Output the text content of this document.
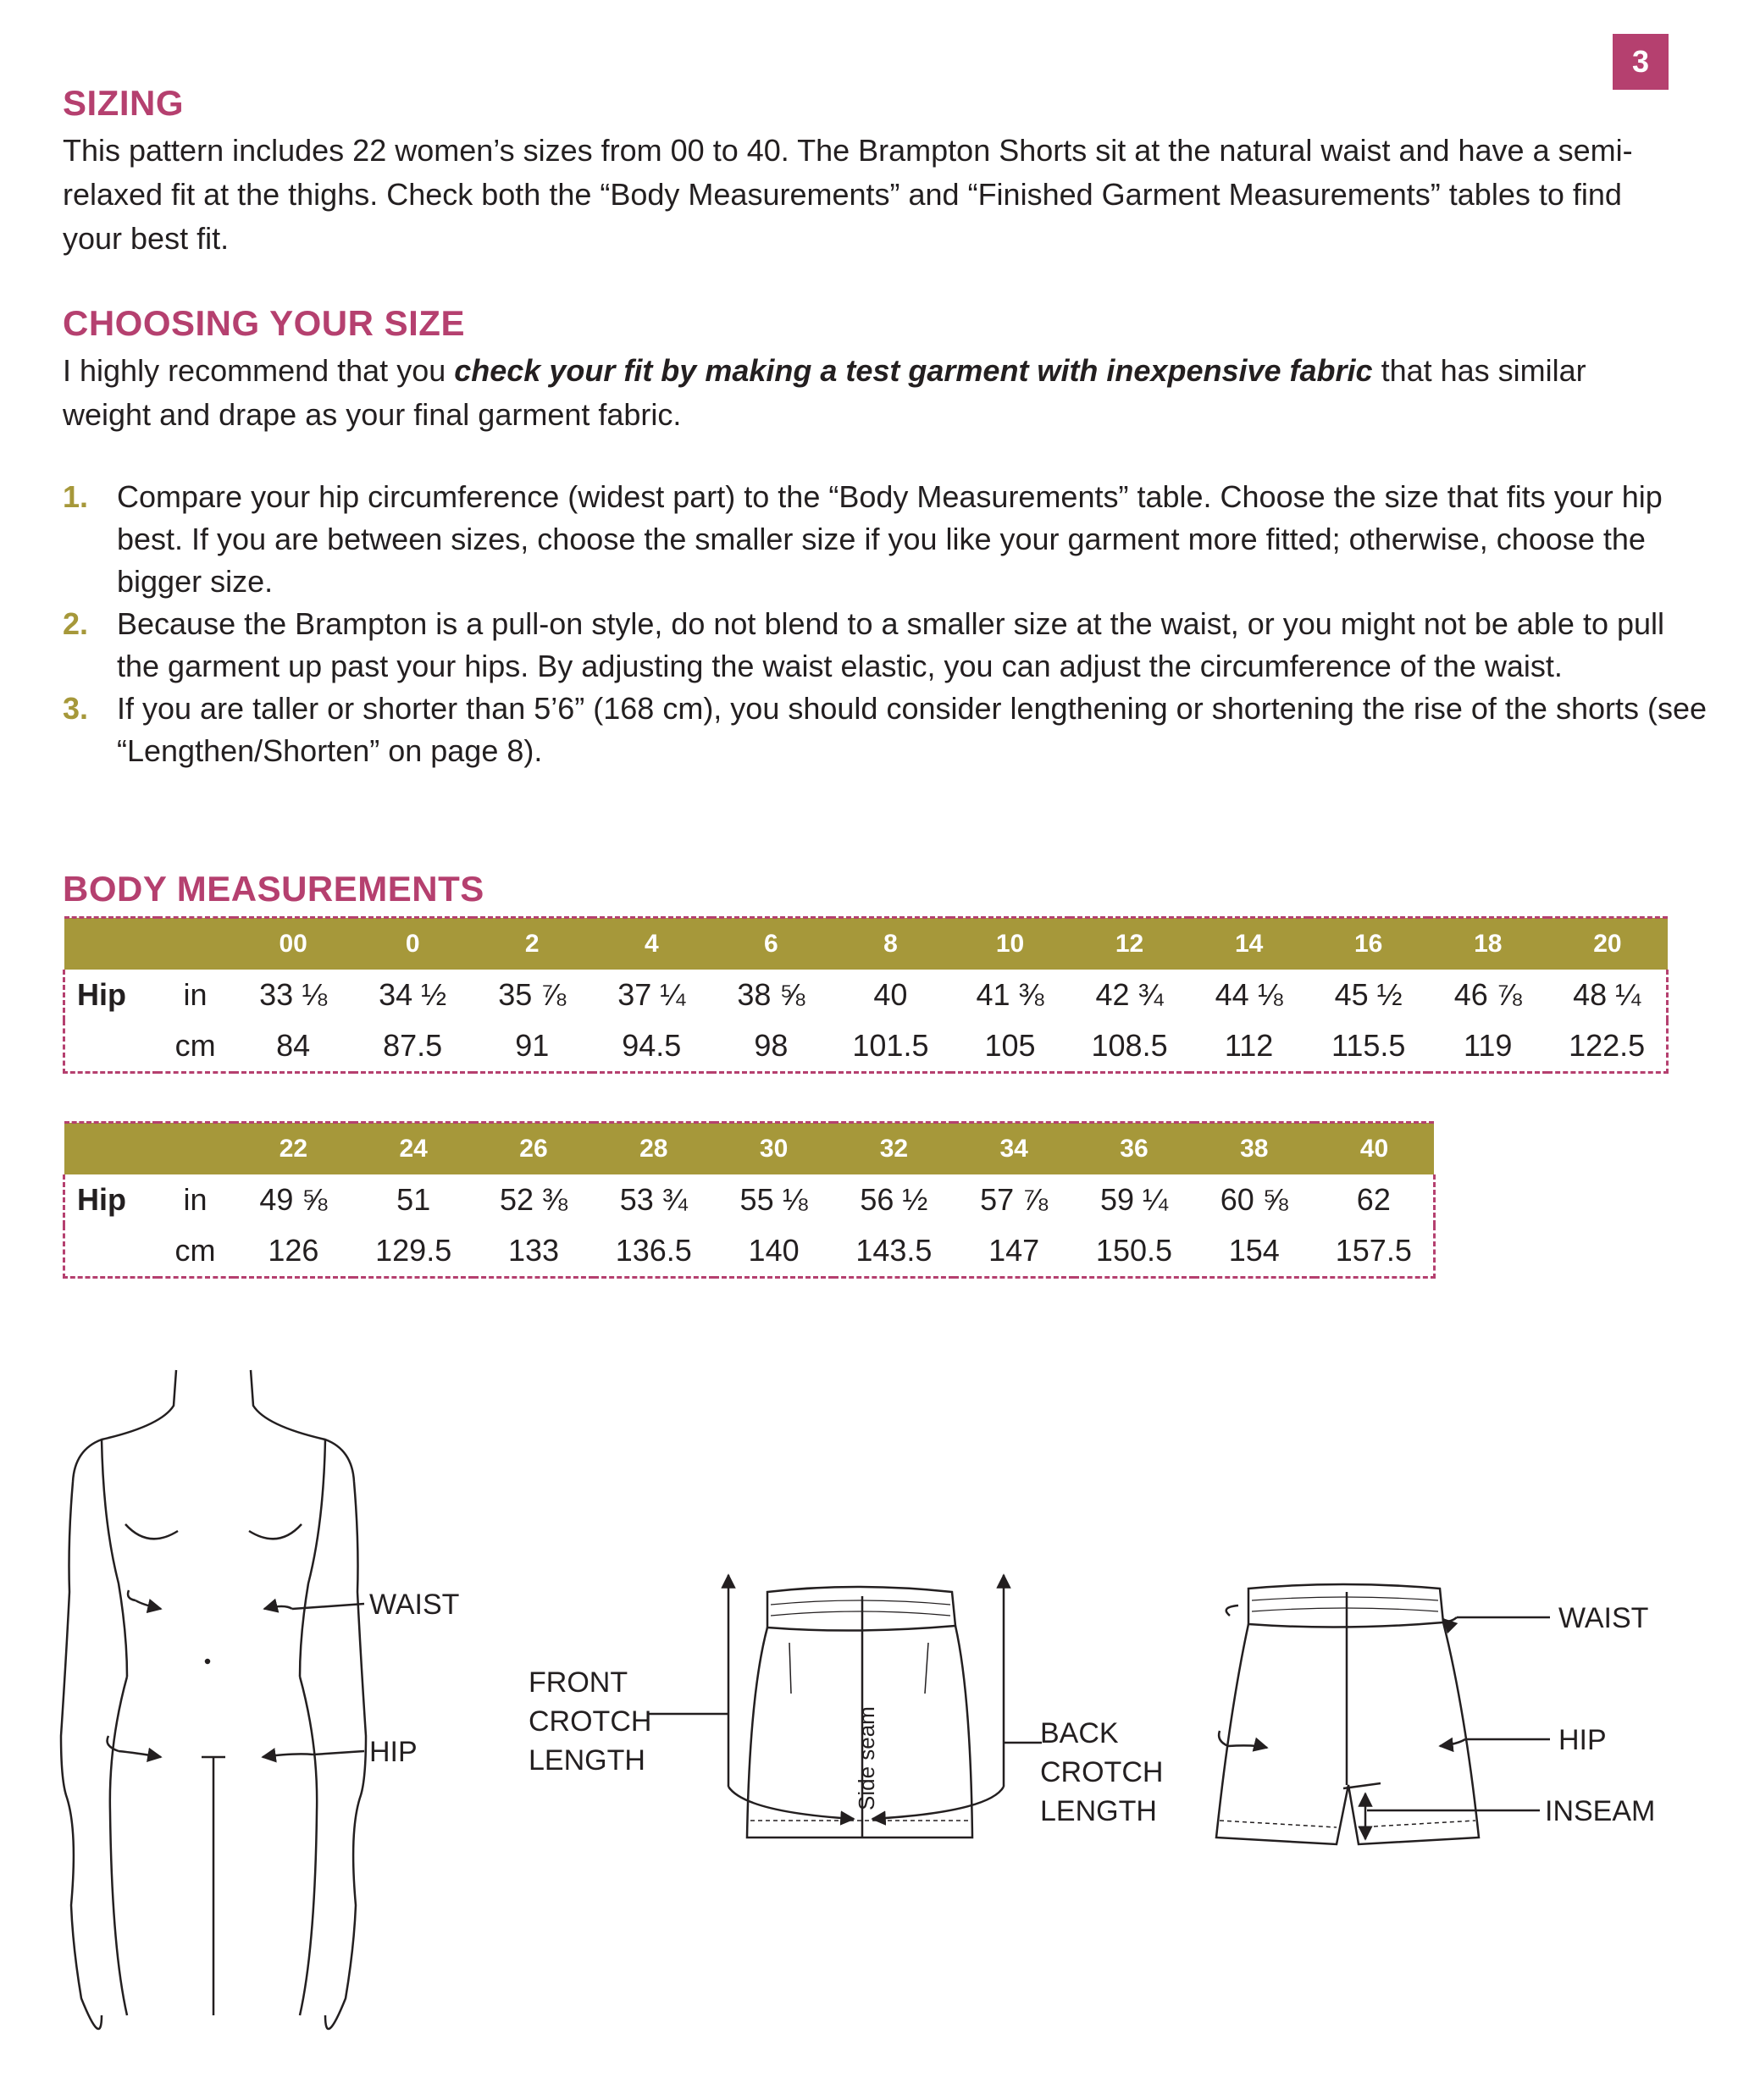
3
SIZING

This pattern includes 22 women’s sizes from 00 to 40. The Brampton Shorts sit at the natural waist and have a semi-relaxed fit at the thighs. Check both the “Body Measurements” and “Finished Garment Measurements” tables to find your best fit.

CHOOSING YOUR SIZE

I highly recommend that you check your fit by making a test garment with inexpensive fabric that has similar weight and drape as your final garment fabric.

1. Compare your hip circumference (widest part) to the “Body Measurements” table. Choose the size that fits your hip best. If you are between sizes, choose the smaller size if you like your garment more fitted; otherwise, choose the bigger size.
2. Because the Brampton is a pull-on style, do not blend to a smaller size at the waist, or you might not be able to pull the garment up past your hips. By adjusting the waist elastic, you can adjust the circumference of the waist.
3. If you are taller or shorter than 5’6” (168 cm), you should consider lengthening or shortening the rise of the shorts (see “Lengthen/Shorten” on page 8).
BODY MEASUREMENTS
		00	0	2	4	6	8	10	12	14	16	18	20
Hip	in	33 ⅛	34 ½	35 ⅞	37 ¼	38 ⅝	40	41 ⅜	42 ¾	44 ⅛	45 ½	46 ⅞	48 ¼
	cm	84	87.5	91	94.5	98	101.5	105	108.5	112	115.5	119	122.5
		22	24	26	28	30	32	34	36	38	40
Hip	in	49 ⅝	51	52 ⅜	53 ¾	55 ⅛	56 ½	57 ⅞	59 ¼	60 ⅝	62
	cm	126	129.5	133	136.5	140	143.5	147	150.5	154	157.5
WAIST
HIP	Side seam
FRONT
CROTCH
LENGTH
BACK
CROTCH
LENGTH
WAIST
HIP
INSEAM
